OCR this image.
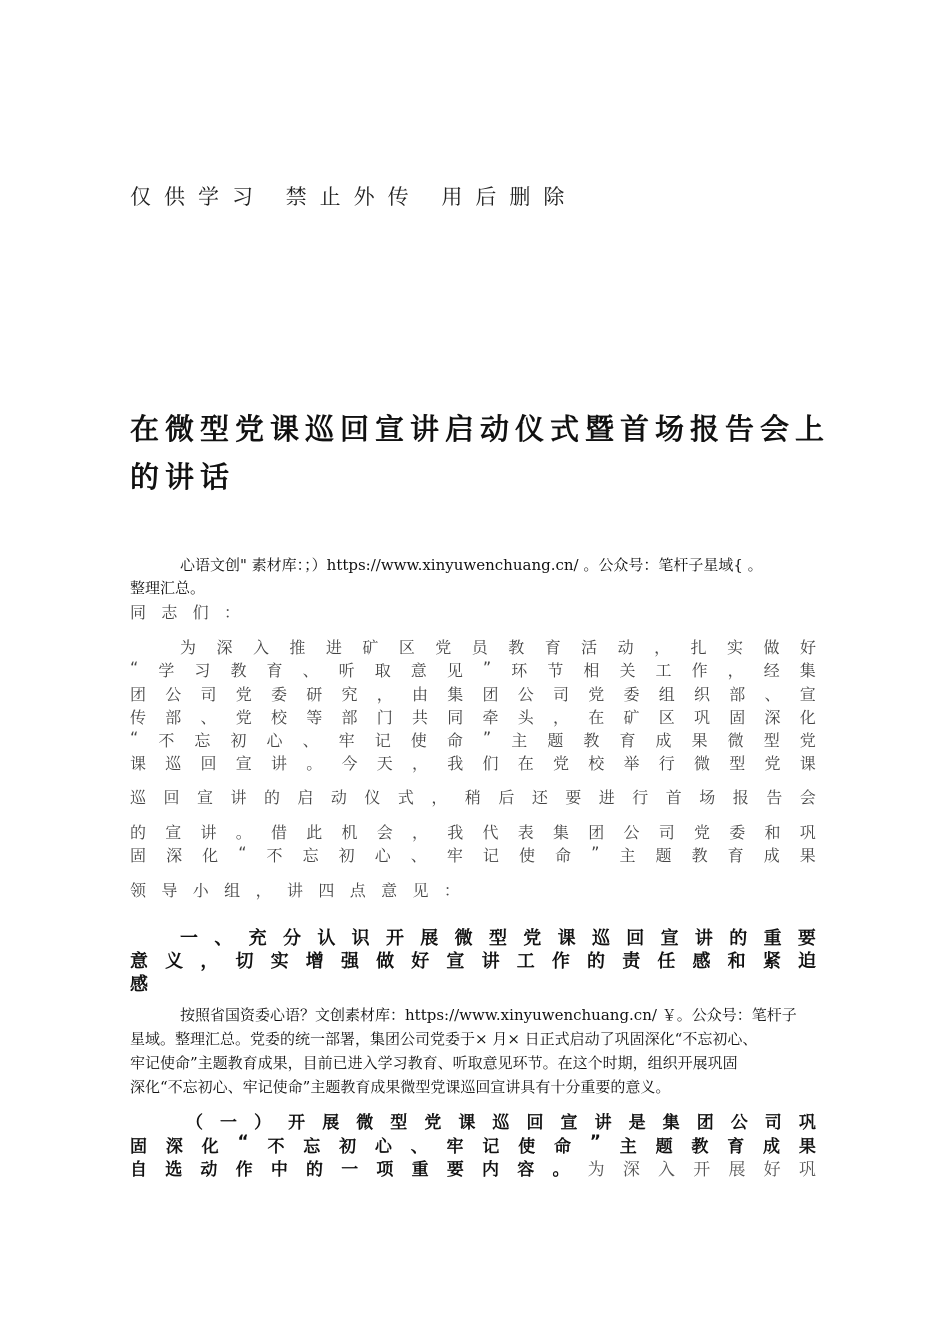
仅供学习 禁止外传 用后删除
在微型党课巡回宣讲启动仪式暨首场报告会上
的讲话
心语文创" 素材库：；）https://www.xinyuwenchuang.cn/ 。公众号：笔杆子星域{ 。
整理汇总。
同 志 们 ：
为 深 入 推 进 矿 区 党 员 教 育 活 动 ， 扎 实 做 好
“ 学 习 教 育 、 听 取 意 见 ” 环 节 相 关 工 作 ， 经 集
团 公 司 党 委 研 究 ， 由 集 团 公 司 党 委 组 织 部 、 宣
传 部 、 党 校 等 部 门 共 同 牵 头 ， 在 矿 区 巩 固 深 化
“ 不 忘 初 心 、 牢 记 使 命 ” 主 题 教 育 成 果 微 型 党
课 巡 回 宣 讲 。 今 天 ， 我 们 在 党 校 举 行 微 型 党 课
巡 回 宣 讲 的 启 动 仪 式 ， 稍 后 还 要 进 行 首 场 报 告 会
的 宣 讲 。 借 此 机 会 ， 我 代 表 集 团 公 司 党 委 和 巩
固 深 化 “ 不 忘 初 心 、 牢 记 使 命 ” 主 题 教 育 成 果
领 导 小 组 ， 讲 四 点 意 见 ：
一 、 充 分 认 识 开 展 微 型 党 课 巡 回 宣 讲 的 重 要
意 义 ， 切 实 增 强 做 好 宣 讲 工 作 的 责 任 感 和 紧 迫
感
按照省国资委心语？文创素材库：https://www.xinyuwenchuang.cn/ ￥。公众号：笔杆子
星域。整理汇总。党委的统一部署，集团公司党委于× 月× 日正式启动了巩固深化“不忘初心、
牢记使命”主题教育成果，目前已进入学习教育、听取意见环节。在这个时期，组织开展巩固
深化“不忘初心、牢记使命”主题教育成果微型党课巡回宣讲具有十分重要的意义。
（ 一 ） 开 展 微 型 党 课 巡 回 宣 讲 是 集 团 公 司 巩
固 深 化 “ 不 忘 初 心 、 牢 记 使 命 ” 主 题 教 育 成 果
自 选 动 作 中 的 一 项 重 要 内 容 。 为 深 入 开 展 好 巩
